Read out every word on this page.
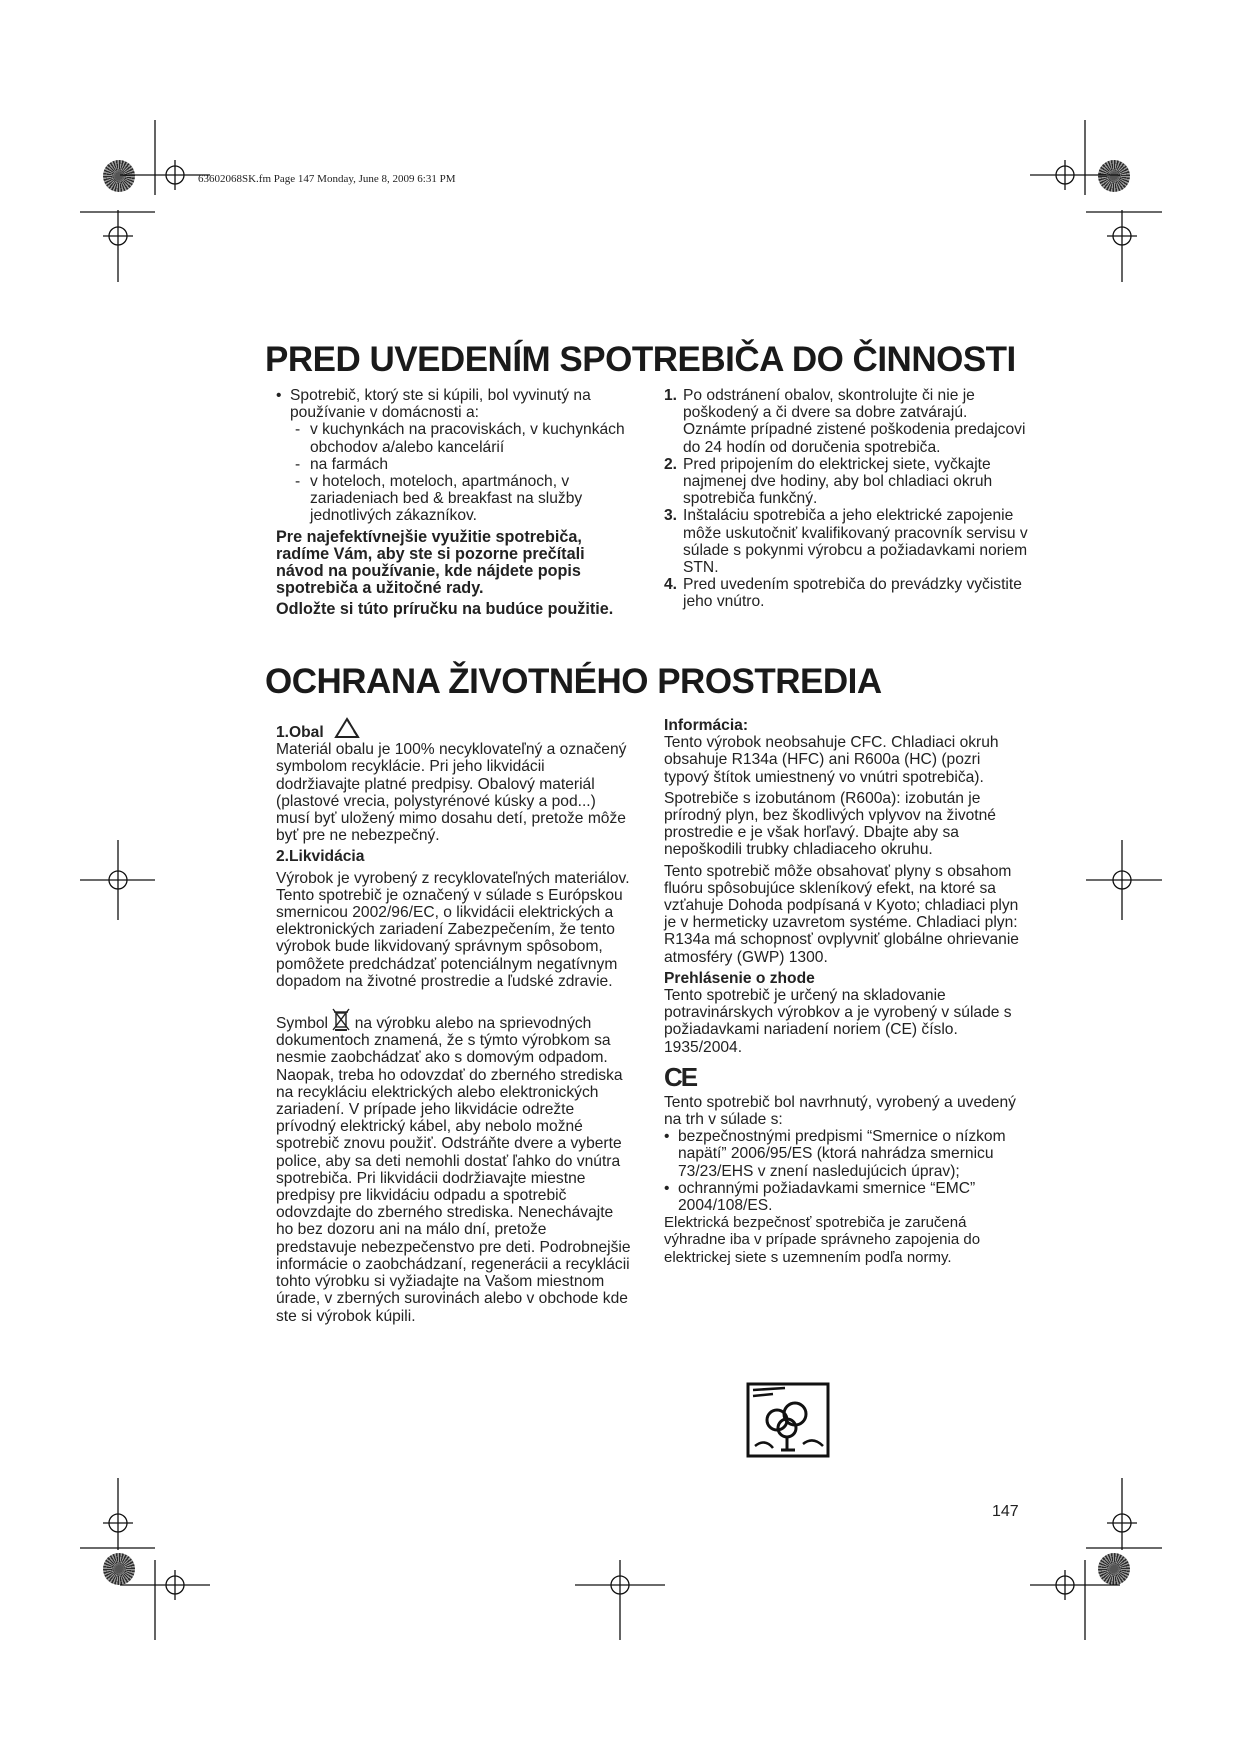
63602068SK.fm Page 147 Monday, June 8, 2009 6:31 PM
PRED UVEDENÍM SPOTREBIČA DO ČINNOSTI

• Spotrebič, ktorý ste si kúpili, bol vyvinutý na používanie v domácnosti a:

- v kuchynkách na pracoviskách, v kuchynkách obchodov a/alebo kancelárií

- na farmách

- v hoteloch, moteloch, apartmánoch, v zariadeniach bed & breakfast na služby jednotlivých zákazníkov.

Pre najefektívnejšie využitie spotrebiča, radíme Vám, aby ste si pozorne prečítali návod na používanie, kde nájdete popis spotrebiča a užitočné rady.

Odložte si túto príručku na budúce použitie.

1. Po odstránení obalov, skontrolujte či nie je poškodený a či dvere sa dobre zatvárajú. Oznámte prípadné zistené poškodenia predajcovi do 24 hodín od doručenia spotrebiča.

2. Pred pripojením do elektrickej siete, vyčkajte najmenej dve hodiny, aby bol chladiaci okruh spotrebiča funkčný.

3. Inštaláciu spotrebiča a jeho elektrické zapojenie môže uskutočniť kvalifikovaný pracovník servisu v súlade s pokynmi výrobcu a požiadavkami noriem STN.

4. Pred uvedením spotrebiča do prevádzky vyčistite jeho vnútro.

OCHRANA ŽIVOTNÉHO PROSTREDIA

1.Obal

Materiál obalu je 100% necyklovateľný a označený symbolom recyklácie. Pri jeho likvidácii dodržiavajte platné predpisy. Obalový materiál (plastové vrecia, polystyrénové kúsky a pod...) musí byť uložený mimo dosahu detí, pretože môže byť pre ne nebezpečný.

2.Likvidácia

Výrobok je vyrobený z recyklovateľných materiálov. Tento spotrebič je označený v súlade s Európskou smernicou 2002/96/EC, o likvidácii elektrických a elektronických zariadení Zabezpečením, že tento výrobok bude likvidovaný správnym spôsobom, pomôžete predchádzať potenciálnym negatívnym dopadom na životné prostredie a ľudské zdravie.

Symbol na výrobku alebo na sprievodných dokumentoch znamená, že s týmto výrobkom sa nesmie zaobchádzať ako s domovým odpadom. Naopak, treba ho odovzdať do zberného strediska na recykláciu elektrických alebo elektronických zariadení. V prípade jeho likvidácie odrežte prívodný elektrický kábel, aby nebolo možné spotrebič znovu použiť. Odstráňte dvere a vyberte police, aby sa deti nemohli dostať ľahko do vnútra spotrebiča. Pri likvidácii dodržiavajte miestne predpisy pre likvidáciu odpadu a spotrebič odovzdajte do zberného strediska. Nenechávajte ho bez dozoru ani na málo dní, pretože predstavuje nebezpečenstvo pre deti. Podrobnejšie informácie o zaobchádzaní, regenerácii a recyklácii tohto výrobku si vyžiadajte na Vašom miestnom úrade, v zberných surovinách alebo v obchode kde ste si výrobok kúpili.

Informácia:

Tento výrobok neobsahuje CFC. Chladiaci okruh obsahuje R134a (HFC) ani R600a (HC) (pozri typový štítok umiestnený vo vnútri spotrebiča).

Spotrebiče s izobutánom (R600a): izobután je prírodný plyn, bez škodlivých vplyvov na životné prostredie e je však horľavý. Dbajte aby sa nepoškodili trubky chladiaceho okruhu.

Tento spotrebič môže obsahovať plyny s obsahom fluóru spôsobujúce skleníkový efekt, na ktoré sa vzťahuje Dohoda podpísaná v Kyoto; chladiaci plyn je v hermeticky uzavretom systéme. Chladiaci plyn: R134a má schopnosť ovplyvniť globálne ohrievanie atmosféry (GWP) 1300.

Prehlásenie o zhode

Tento spotrebič je určený na skladovanie potravinárskych výrobkov a je vyrobený v súlade s požiadavkami nariadení noriem (CE) číslo. 1935/2004.

CE

Tento spotrebič bol navrhnutý, vyrobený a uvedený na trh v súlade s:

• bezpečnostnými predpismi “Smernice o nízkom napätí” 2006/95/ES (ktorá nahrádza smernicu 73/23/EHS v znení nasledujúcich úprav);

• ochrannými požiadavkami smernice “EMC” 2004/108/ES.

Elektrická bezpečnosť spotrebiča je zaručená výhradne iba v prípade správneho zapojenia do elektrickej siete s uzemnením podľa normy.

147
